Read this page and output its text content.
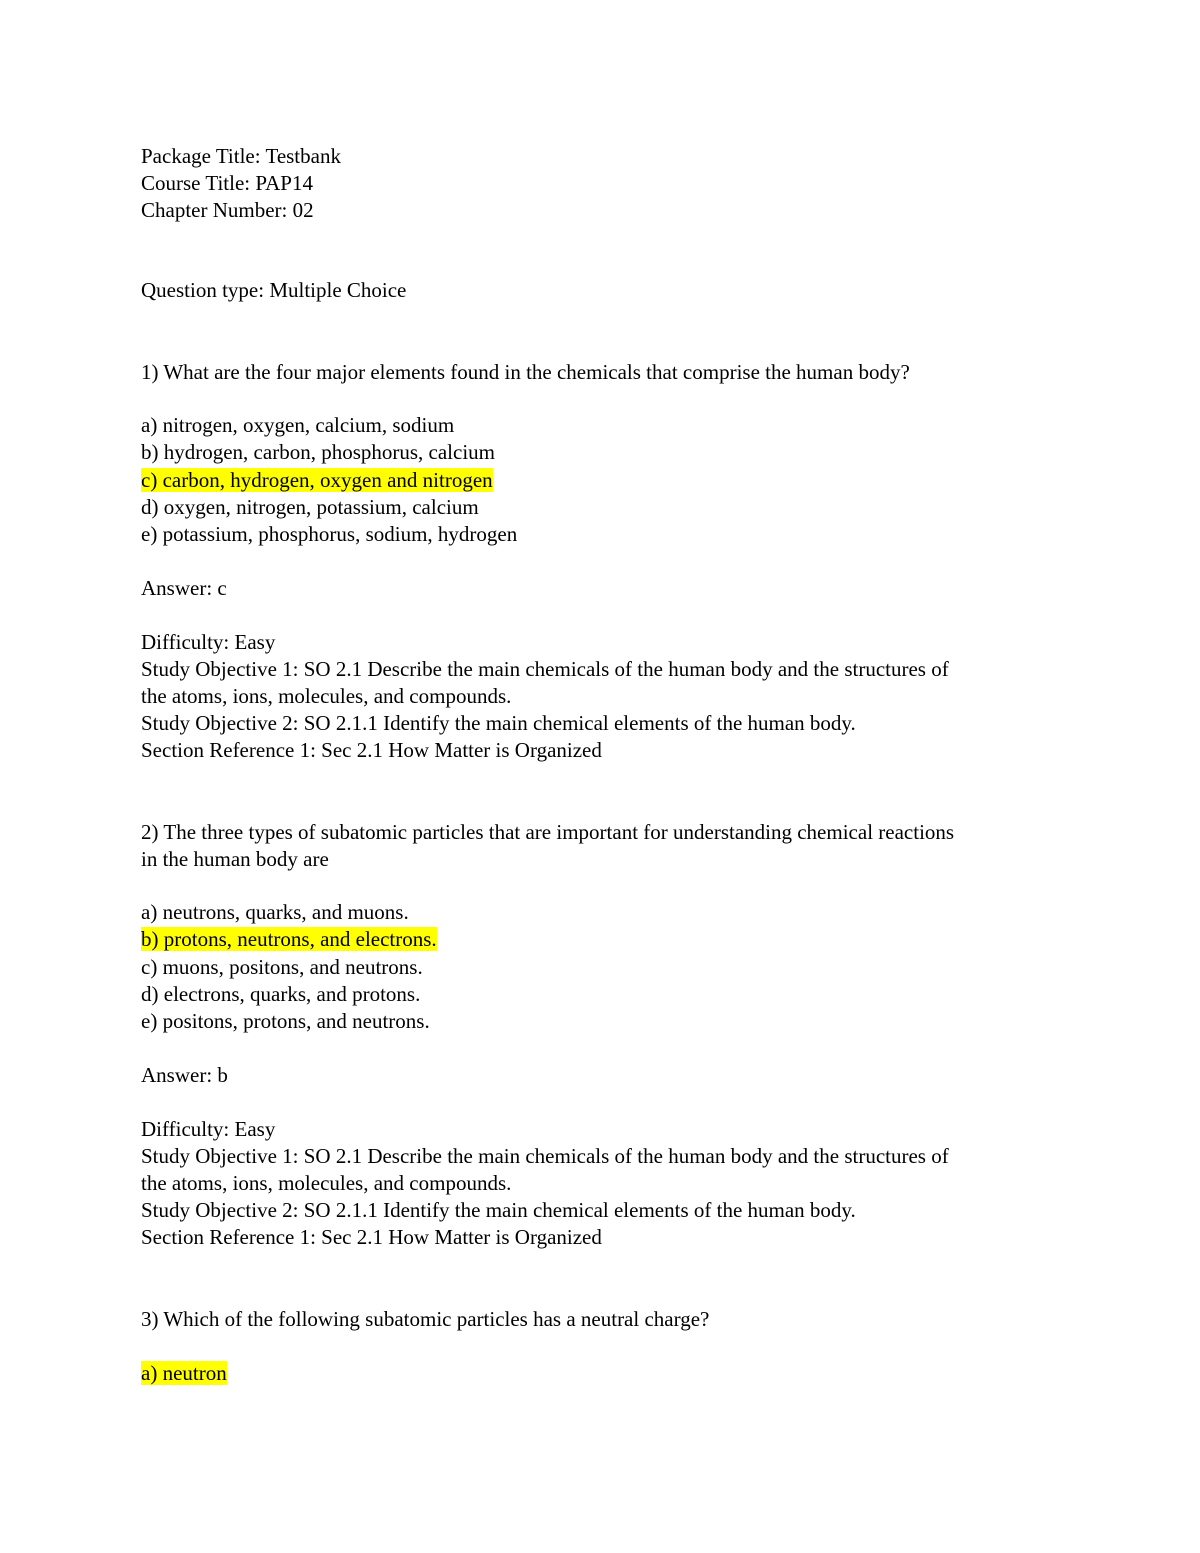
Package Title: Testbank

Course Title: PAP14

Chapter Number: 02

Question type: Multiple Choice

1) What are the four major elements found in the chemicals that comprise the human body?

a) nitrogen, oxygen, calcium, sodium

b) hydrogen, carbon, phosphorus, calcium

c) carbon, hydrogen, oxygen and nitrogen

d) oxygen, nitrogen, potassium, calcium

e) potassium, phosphorus, sodium, hydrogen

Answer: c

Difficulty: Easy

Study Objective 1: SO 2.1 Describe the main chemicals of the human body and the structures of

the atoms, ions, molecules, and compounds.

Study Objective 2: SO 2.1.1 Identify the main chemical elements of the human body.

Section Reference 1: Sec 2.1 How Matter is Organized

2) The three types of subatomic particles that are important for understanding chemical reactions

in the human body are

a) neutrons, quarks, and muons.

b) protons, neutrons, and electrons.

c) muons, positons, and neutrons.

d) electrons, quarks, and protons.

e) positons, protons, and neutrons.

Answer: b

Difficulty: Easy

Study Objective 1: SO 2.1 Describe the main chemicals of the human body and the structures of

the atoms, ions, molecules, and compounds.

Study Objective 2: SO 2.1.1 Identify the main chemical elements of the human body.

Section Reference 1: Sec 2.1 How Matter is Organized

3) Which of the following subatomic particles has a neutral charge?

a) neutron
